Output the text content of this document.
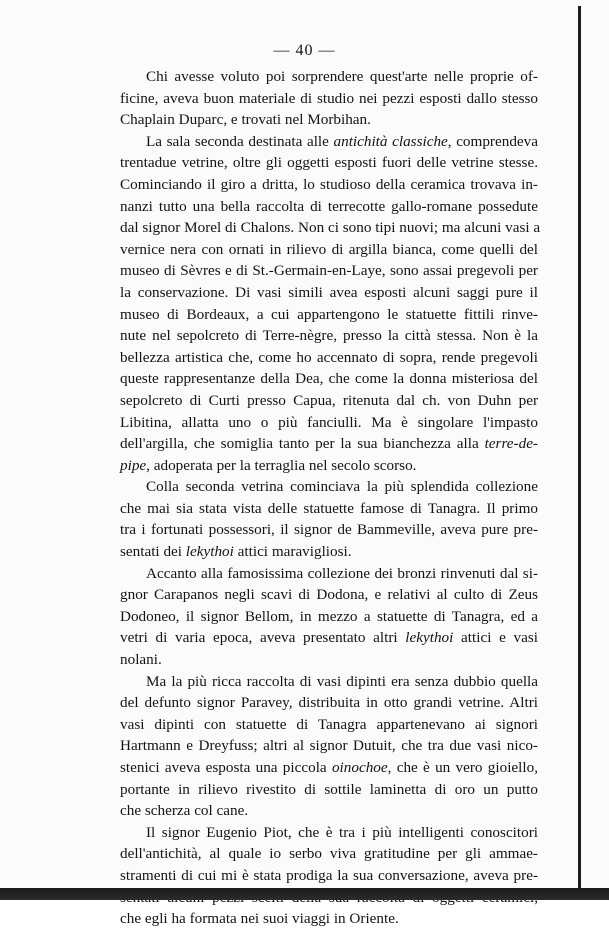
— 40 —

Chi avesse voluto poi sorprendere quest'arte nelle proprie of-
ficine, aveva buon materiale di studio nei pezzi esposti dallo stesso
Chaplain Duparc, e trovati nel Morbihan.

La sala seconda destinata alle antichità classiche, comprendeva
trentadue vetrine, oltre gli oggetti esposti fuori delle vetrine stesse.
Cominciando il giro a dritta, lo studioso della ceramica trovava in-
nanzi tutto una bella raccolta di terrecotte gallo-romane possedute
dal signor Morel di Chalons. Non ci sono tipi nuovi; ma alcuni vasi a
vernice nera con ornati in rilievo di argilla bianca, come quelli del
museo di Sèvres e di St.-Germain-en-Laye, sono assai pregevoli per
la conservazione. Di vasi simili avea esposti alcuni saggi pure il
museo di Bordeaux, a cui appartengono le statuette fittili rinve-
nute nel sepolcreto di Terre-nègre, presso la città stessa. Non è la
bellezza artistica che, come ho accennato di sopra, rende pregevoli
queste rappresentanze della Dea, che come la donna misteriosa del
sepolcreto di Curti presso Capua, ritenuta dal ch. von Duhn per
Libitina, allatta uno o più fanciulli. Ma è singolare l'impasto
dell'argilla, che somiglia tanto per la sua bianchezza alla terre-de-
pipe, adoperata per la terraglia nel secolo scorso.

Colla seconda vetrina cominciava la più splendida collezione
che mai sia stata vista delle statuette famose di Tanagra. Il primo
tra i fortunati possessori, il signor de Bammeville, aveva pure pre-
sentati dei lekythoi attici maravigliosi.

Accanto alla famosissima collezione dei bronzi rinvenuti dal si-
gnor Carapanos negli scavi di Dodona, e relativi al culto di Zeus
Dodoneo, il signor Bellom, in mezzo a statuette di Tanagra, ed a
vetri di varia epoca, aveva presentato altri lekythoi attici e vasi
nolani.

Ma la più ricca raccolta di vasi dipinti era senza dubbio quella
del defunto signor Paravey, distribuita in otto grandi vetrine. Altri
vasi dipinti con statuette di Tanagra appartenevano ai signori
Hartmann e Dreyfuss; altri al signor Dutuit, che tra due vasi nico-
stenici aveva esposta una piccola oinochoe, che è un vero gioiello,
portante in rilievo rivestito di sottile laminetta di oro un putto
che scherza col cane.

Il signor Eugenio Piot, che è tra i più intelligenti conoscitori
dell'antichità, al quale io serbo viva gratitudine per gli ammae-
stramenti di cui mi è stata prodiga la sua conversazione, aveva pre-
che egli ha formata nei suoi viaggi in Oriente.
